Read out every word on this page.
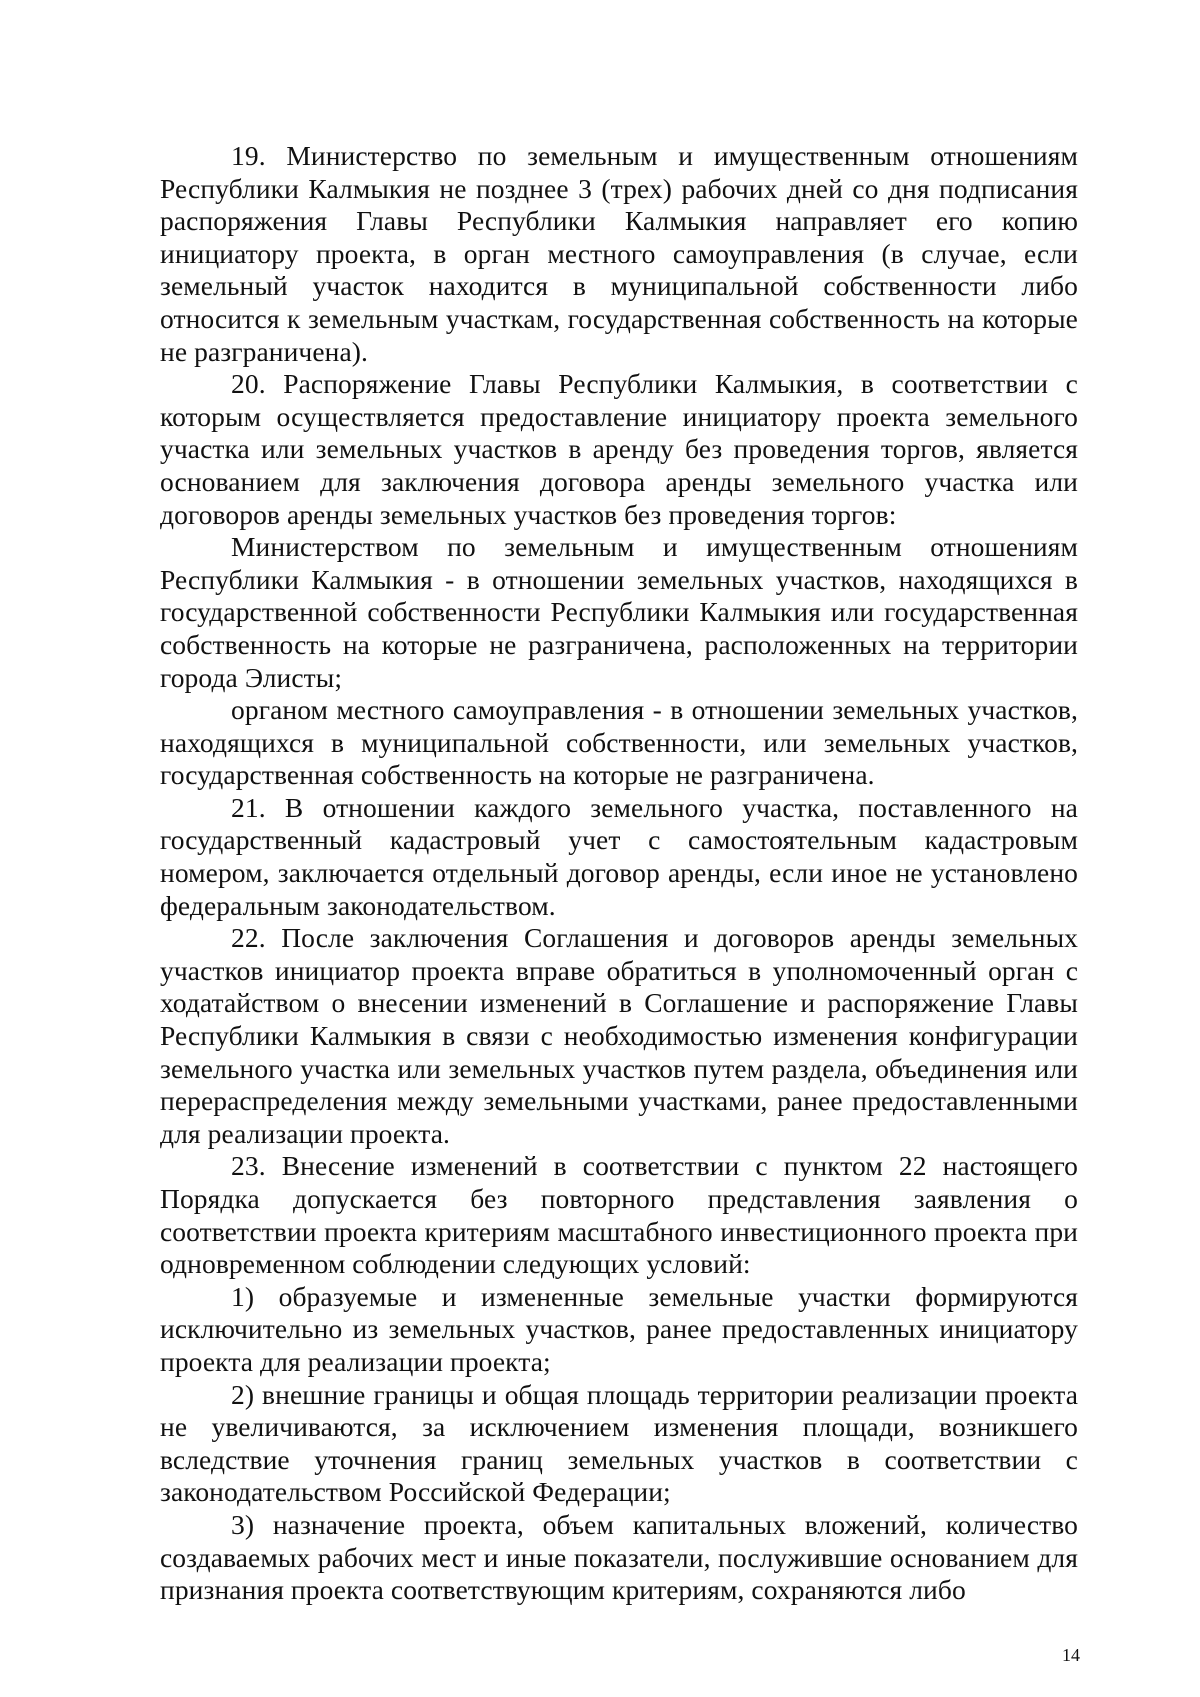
19. Министерство по земельным и имущественным отношениям Республики Калмыкия не позднее 3 (трех) рабочих дней со дня подписания распоряжения Главы Республики Калмыкия направляет его копию инициатору проекта, в орган местного самоуправления (в случае, если земельный участок находится в муниципальной собственности либо относится к земельным участкам, государственная собственность на которые не разграничена).

20. Распоряжение Главы Республики Калмыкия, в соответствии с которым осуществляется предоставление инициатору проекта земельного участка или земельных участков в аренду без проведения торгов, является основанием для заключения договора аренды земельного участка или договоров аренды земельных участков без проведения торгов:

Министерством по земельным и имущественным отношениям Республики Калмыкия - в отношении земельных участков, находящихся в государственной собственности Республики Калмыкия или государственная собственность на которые не разграничена, расположенных на территории города Элисты;

органом местного самоуправления - в отношении земельных участков, находящихся в муниципальной собственности, или земельных участков, государственная собственность на которые не разграничена.

21. В отношении каждого земельного участка, поставленного на государственный кадастровый учет с самостоятельным кадастровым номером, заключается отдельный договор аренды, если иное не установлено федеральным законодательством.

22. После заключения Соглашения и договоров аренды земельных участков инициатор проекта вправе обратиться в уполномоченный орган с ходатайством о внесении изменений в Соглашение и распоряжение Главы Республики Калмыкия в связи с необходимостью изменения конфигурации земельного участка или земельных участков путем раздела, объединения или перераспределения между земельными участками, ранее предоставленными для реализации проекта.

23. Внесение изменений в соответствии с пунктом 22 настоящего Порядка допускается без повторного представления заявления о соответствии проекта критериям масштабного инвестиционного проекта при одновременном соблюдении следующих условий:

1) образуемые и измененные земельные участки формируются исключительно из земельных участков, ранее предоставленных инициатору проекта для реализации проекта;

2) внешние границы и общая площадь территории реализации проекта не увеличиваются, за исключением изменения площади, возникшего вследствие уточнения границ земельных участков в соответствии с законодательством Российской Федерации;

3) назначение проекта, объем капитальных вложений, количество создаваемых рабочих мест и иные показатели, послужившие основанием для признания проекта соответствующим критериям, сохраняются либо

14
